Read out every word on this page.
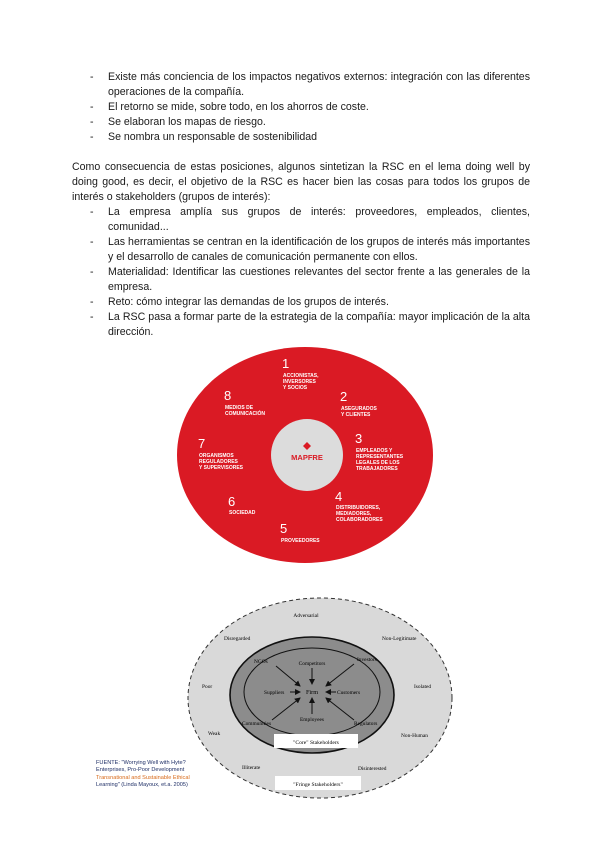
- Existe más conciencia de los impactos negativos externos: integración con las diferentes operaciones de la compañía.
- El retorno se mide, sobre todo, en los ahorros de coste.
- Se elaboran los mapas de riesgo.
- Se nombra un responsable de sostenibilidad

Como consecuencia de estas posiciones, algunos sintetizan la RSC en el lema doing well by doing good, es decir, el objetivo de la RSC es hacer bien las cosas para todos los grupos de interés o stakeholders (grupos de interés):

- La empresa amplía sus grupos de interés: proveedores, empleados, clientes, comunidad...
- Las herramientas se centran en la identificación de los grupos de interés más importantes y el desarrollo de canales de comunicación permanente con ellos.
- Materialidad: Identificar las cuestiones relevantes del sector frente a las generales de la empresa.
- Reto: cómo integrar las demandas de los grupos de interés.
- La RSC pasa a formar parte de la estrategia de la compañía: mayor implicación de la alta dirección.
MAPFRE
1
ACCIONISTAS, INVERSORES Y SOCIOS
2
ASEGURADOS Y CLIENTES
3
EMPLEADOS Y REPRESENTANTES LEGALES DE LOS TRABAJADORES
4
DISTRIBUIDORES, MEDIADORES, COLABORADORES
5
PROVEEDORES
6
SOCIEDAD
7
ORGANISMOS REGULADORES Y SUPERVISORES
8
MEDIOS DE COMUNICACIÓN
Adversarial
Non-Legitimate
Isolated
Non-Human
Disinterested
Illiterate
Weak
Poor
Disregarded
NGOs	Competitors
Investors
Suppliers	Firm	Customers
Communities
Employees
Regulators
"Core" Stakeholders
"Fringe Stakeholders"
FUENTE: "Worrying Well with Hyte?
Enterprises, Pro-Poor Development
Transnational and Sustainable Ethical
Learning" (Linda Mayoux, et.a. 2005)
